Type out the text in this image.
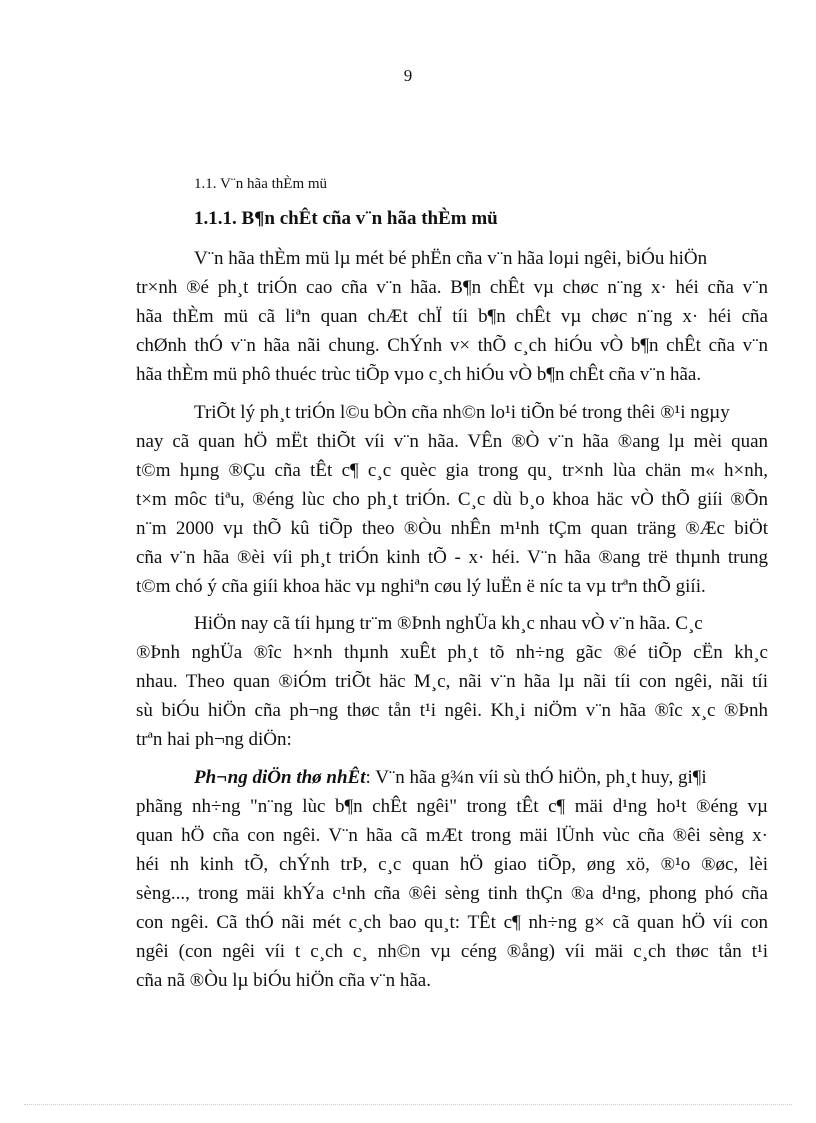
9
1.1. V¨n hãa thÈm mü
1.1.1. B¶n chÊt cña v¨n hãa thÈm mü
V¨n hãa thÈm mü lµ mét bé phËn cña v¨n hãa loµi ngêi, biÓu hiÖn
tr×nh ®é ph¸t triÓn cao cña v¨n hãa. B¶n chÊt vµ chøc n¨ng x· héi cña v¨n
hãa thÈm mü cã liªn quan chÆt chÏ tíi b¶n chÊt vµ chøc n¨ng x· héi cña
chØnh thÓ v¨n hãa nãi chung. ChÝnh v× thÕ c¸ch hiÓu vÒ b¶n chÊt cña v¨n
hãa thÈm mü phô thuéc trùc tiÕp vµo c¸ch hiÓu vÒ b¶n chÊt cña v¨n hãa.
TriÕt lý ph¸t triÓn l©u bÒn cña nh©n lo¹i tiÕn bé trong thêi ®¹i ngµy
nay cã quan hÖ mËt thiÕt víi v¨n hãa. VÊn ®Ò v¨n hãa ®ang lµ mèi quan
t©m hµng ®Çu cña tÊt c¶ c¸c quèc gia trong qu¸ tr×nh lùa chän m« h×nh,
t×m môc tiªu, ®éng lùc cho ph¸t triÓn. C¸c dù b¸o khoa häc vÒ thÕ giíi ®Õn
n¨m 2000 vµ thÕ kû tiÕp theo ®Òu nhÊn m¹nh tÇm quan träng ®Æc biÖt
cña v¨n hãa ®èi víi ph¸t triÓn kinh tÕ - x· héi. V¨n hãa ®ang trë thµnh trung
t©m chó ý cña giíi khoa häc vµ nghiªn cøu lý luËn ë níc ta vµ trªn thÕ giíi.
HiÖn nay cã tíi hµng tr¨m ®Þnh nghÜa kh¸c nhau vÒ v¨n hãa. C¸c
®Þnh nghÜa ®îc h×nh thµnh xuÊt ph¸t tõ nh÷ng gãc ®é tiÕp cËn kh¸c
nhau. Theo quan ®iÓm triÕt häc M¸c, nãi v¨n hãa lµ nãi tíi con ngêi, nãi tíi
sù biÓu hiÖn cña ph¬ng thøc tån t¹i ngêi. Kh¸i niÖm v¨n hãa ®îc x¸c ®Þnh
trªn hai ph¬ng diÖn:
Ph¬ng diÖn thø nhÊt: V¨n hãa g¾n víi sù thÓ hiÖn, ph¸t huy, gi¶i
phãng nh÷ng "n¨ng lùc b¶n chÊt ngêi" trong tÊt c¶ mäi d¹ng ho¹t ®éng vµ
quan hÖ cña con ngêi. V¨n hãa cã mÆt trong mäi lÜnh vùc cña ®êi sèng x·
héi nh kinh tÕ, chÝnh trÞ, c¸c quan hÖ giao tiÕp, øng xö, ®¹o ®øc, lèi
sèng..., trong mäi khÝa c¹nh cña ®êi sèng tinh thÇn ®a d¹ng, phong phó cña
con ngêi. Cã thÓ nãi mét c¸ch bao qu¸t: TÊt c¶ nh÷ng g× cã quan hÖ víi con
ngêi (con ngêi víi t c¸ch c¸ nh©n vµ céng ®ång) víi mäi c¸ch thøc tån t¹i
cña nã ®Òu lµ biÓu hiÖn cña v¨n hãa.
